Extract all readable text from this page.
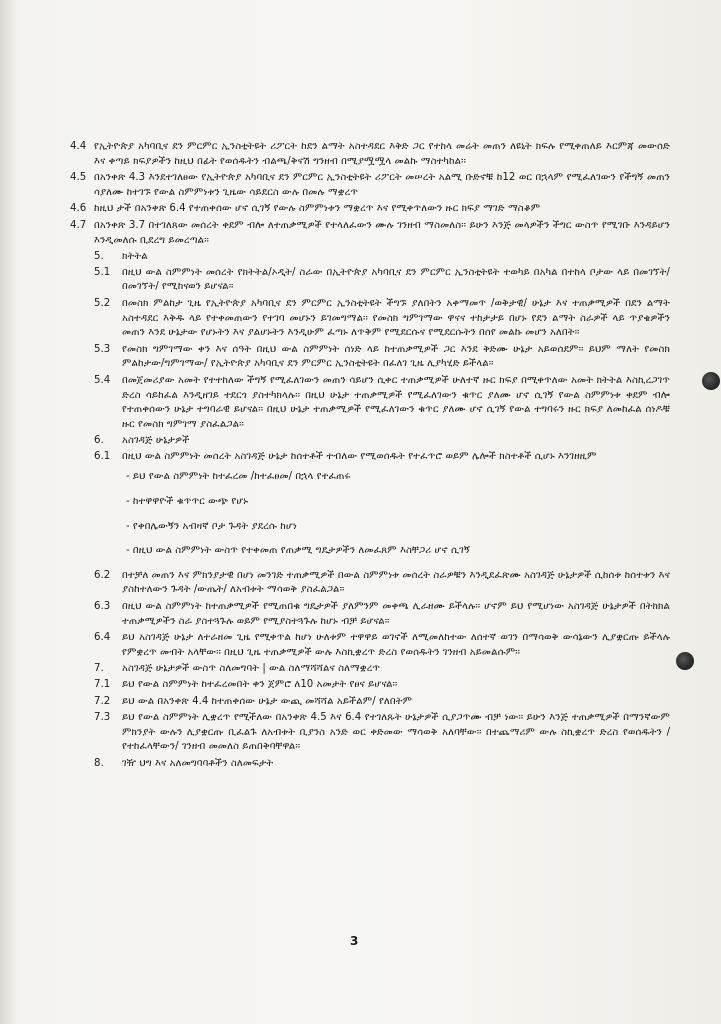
4.4 የኢትዮጵያ አካባቢና ደን ምርምር ኢንስቲትዩት ሪፖርት ከደን ልማት አስተዳደር እቅድ ጋር የተከላ መሬት መጠን ለዩኒት ክፍሉ የሚቀጠለይ እርምጃ መውሰድ እና ቀጣይ ክፍያዎችን ከዚህ በፊት የወሰዱትን ብልጫ/ቅናሽ ግንዘብ በሚያሟሟላ መልኩ ማስተካከል፡፡
4.5 በአንቀጽ 4.3 እንደተገለፀው የኢትዮጵያ አካባቢና ደን ምርምር ኢንስቲትዩት ሪፖርት መሠረት አልሚ ቡድኖቹ ከ12 ወር በኋላም የሚፈለገውን የችግኝ መጠን ሳያለሙ ከተገኙ የውል ስምምነቱን ጊዜው ሳይደርስ ውሉ በመሉ ማቋረጥ
4.6 ከዚህ ታች በአንቀጽ 6.4 የተጠቀሰው ሆኖ ሲገኝ የውሉ ስምምነቱን ማቋረጥ እና የሚቀጥለውን ዙር ክፍያ ማገድ ማስቆም
4.7 በአንቀጽ 3.7 በተገለጸው መሰረት ቀደም ብሎ ለተጠቃሚዎች የተላለፈውን ሙሉ ገንዘብ ማስመለስ፡፡ ይሁን እንጅ መላዎችን ችግር ውስጥ የሚገቡ እንዳይሆን እንዲመለሱ ቢደረግ ይመረጣል፡፡
5.	ክትትል
5.1	በዚህ ውል ስምምነት መሰረት የክትትል/ኦዲት/ ስራው በኢትዮጵያ አካባቢና ደን ምርምር ኢንስቲትዩት ተወካይ በአካል በተከላ ቦታው ላይ በመገኘት/በመገኘት/ የሚከናወን ይሆናል፡፡
5.2	በመስክ ምልከታ ጊዜ የኢትዮጵያ አካባቢና ደን ምርምር ኢንስቲትዩት ችግኙ ያለበትን አቀማመጥ /ወቅታዊ/ ሁኔታ እና ተጠቃሚዎች በደን ልማት አስተዳደር እቅዱ ላይ የተቀመጠውን የተገባ መሆኑን ይገመግማል፡፡ የመስክ ግምገማው ዋናና ተከታታይ በሆኑ የደን ልማት ስራዎች ላይ ጥያቄዎችን መጠን እንደ ሁኔታው የሆኑትን እና ያልሆኑትን እንዲሁም ፈጣኑ ለጥቅም የሚደርሱና የሚደርሱትን በሰየ መልኩ መሆን አለበት፡፡
5.3	የመስክ ግምገማው ቀን እና ሰዓት በዚህ ውል ስምምነት ሰነድ ላይ ከተጠቃሚዎች ጋር እንደ ቅድሙ ሁኔታ አይወሰደም፡፡ ይህም ማለት የመስክ ምልከታው/ግምገማው/ የኢትዮጵያ አካባቢና ደን ምርምር ኢንስቲትዩት በፈለገ ጊዜ ሊያካሂድ ይችላል፡፡
5.4	በመጀመሪያው አመት የተተከለው ችግኝ የሚፈለገውን መጠን ሳይሆን ሲቀር ተጠቃሚዎች ሁለተኛ ዙር ክፍያ በሚቀጥለው አመት ክትትል እስኪረጋገጥ ድረስ ሳይከፈል እንዲዘገይ ተደርጎ ያስተካክላሉ፡፡ በዚህ ሁኔታ ተጠቃሚዎች የሚፈለገውን ቁጥር ያለሙ ሆኖ ሲገኝ የውል ስምምነቱ ቀደም ብሎ የተጠቀሰውን ሁኔታ ተግባራዊ ይሆናል፡፡ በዚህ ሁኔታ ተጠቃሚዎች የሚፈለገውን ቁጥር ያለሙ ሆኖ ሲገኝ የውል ተግባሩን ዙር ክፍያ ለመከፈል ሰነዶቹ ዙር የመስክ ግምገማ ያስፈልጋል፡፡
6.	አስገዳጅ ሁኔታዎች
6.1	በዚህ ውል ስምምነት መሰረት አስገዳጅ ሁኔታ ከሰተቶች ተብለው የሚወሰዱት የተፈጥሮ ወይም ሌሎች ክስተቶች ሲሆኑ እንገዘዚም
- ይህ የውል ስምምነት ከተፈረመ /ከተፈፀመ/ በኋላ የተፈጠሩ
- ከተዋዋዮች ቁጥጥር ውጭ የሆኑ
- የቀበሌውኝን አብዛኛ ቦታ ጉዳት ያደረሱ ከሆነ
- በዚህ ውል ስምምነት ውስጥ የተቀመጠ የጠቃሚ ግዴታዎችን ለመፈጸም እስቸጋሪ ሆኖ ሲገኝ
6.2	በተቻለ መጠን እና ምክንያታዊ በሆነ መንገድ ተጠቃሚዎች በውል ስምምነቱ መሰረት ስራዎቹን እንዲደፈጽሙ አስገዳጅ ሁኔታዎች ሲከሰቱ ከሰተቱን እና ያስከተለውን ጉዳት /ውጤት/ ለአብቱት ማሳወቅ ያስፈልጋል፡፡
6.3	በዚህ ውል ስምምነት ከተጠቃሚዎች የሚጠበቁ ግዴታዎች ያለምንም መቀጫ ሊራዘሙ ይችላሉ፡፡ ሆኖም ይህ የሚሆነው አስገዳጅ ሁኔታዎች በትክክል ተጠቃሚዎችን ስራ ያስተጓጉሉ ወይም የሚያስተጓጉሉ ከሆኑ ብቻ ይሆናል፡፡
6.4	ይህ አስገዳጅ ሁኔታ ለተራዘመ ጊዜ የሚቀጥል ከሆነ ሁለቱም ተዋዋይ ወገኖች ለሚመለከተው ለሰተኛ ወገን በማሳወቅ ውሳኔውን ሊያቋርጡ ይችላሉ የምቋረጥ መብት አላቸው፡፡ በዚህ ጊዜ ተጠቃሚዎች ውሉ እስኪቋረጥ ድረስ የወሰዱትን ገንዘብ አይመልሱም፡፡
7.	አስገዳጅ ሁኔታዎች ውስጥ ስለመግባት | ውል ስለማሻሻልና ስለማቋረጥ
7.1	ይህ የውል ስምምነት ከተፈረመበት ቀን ጀምሮ ለ10 አመታት የፀና ይሆናል፡፡
7.2	ይህ ውል በአንቀጽ 4.4 ከተጠቀሰው ሁኔታ ውጪ መሻሻል አይችልም/ የለበትም
7.3	ይህ የውል ስምምነት ሊቋረጥ የሚችለው በአንቀጽ 4.5 እና 6.4 የተገለጹት ሁኔታዎች ሲያጋጥሙ ብቻ ነው፡፡ ይሁን እንጅ ተጠቃሚዎች በማንኛውም ምክንያት ውሉን ሊያቋርጡ ቢፈልጉ ለአብቱት ቢያንስ አንድ ወር ቀድመው ማሳወቅ አለባቸው፡፡ በተጨማሪም ውሉ ስኪቋረጥ ድረስ የወሰዱትን /የተከፈላቸውን/ ገንዘብ መመለስ ይጠበቅባቸዋል፡፡
8.	ገዥ ህግ እና አለመግባባቶችን ስለመፍታት
3
